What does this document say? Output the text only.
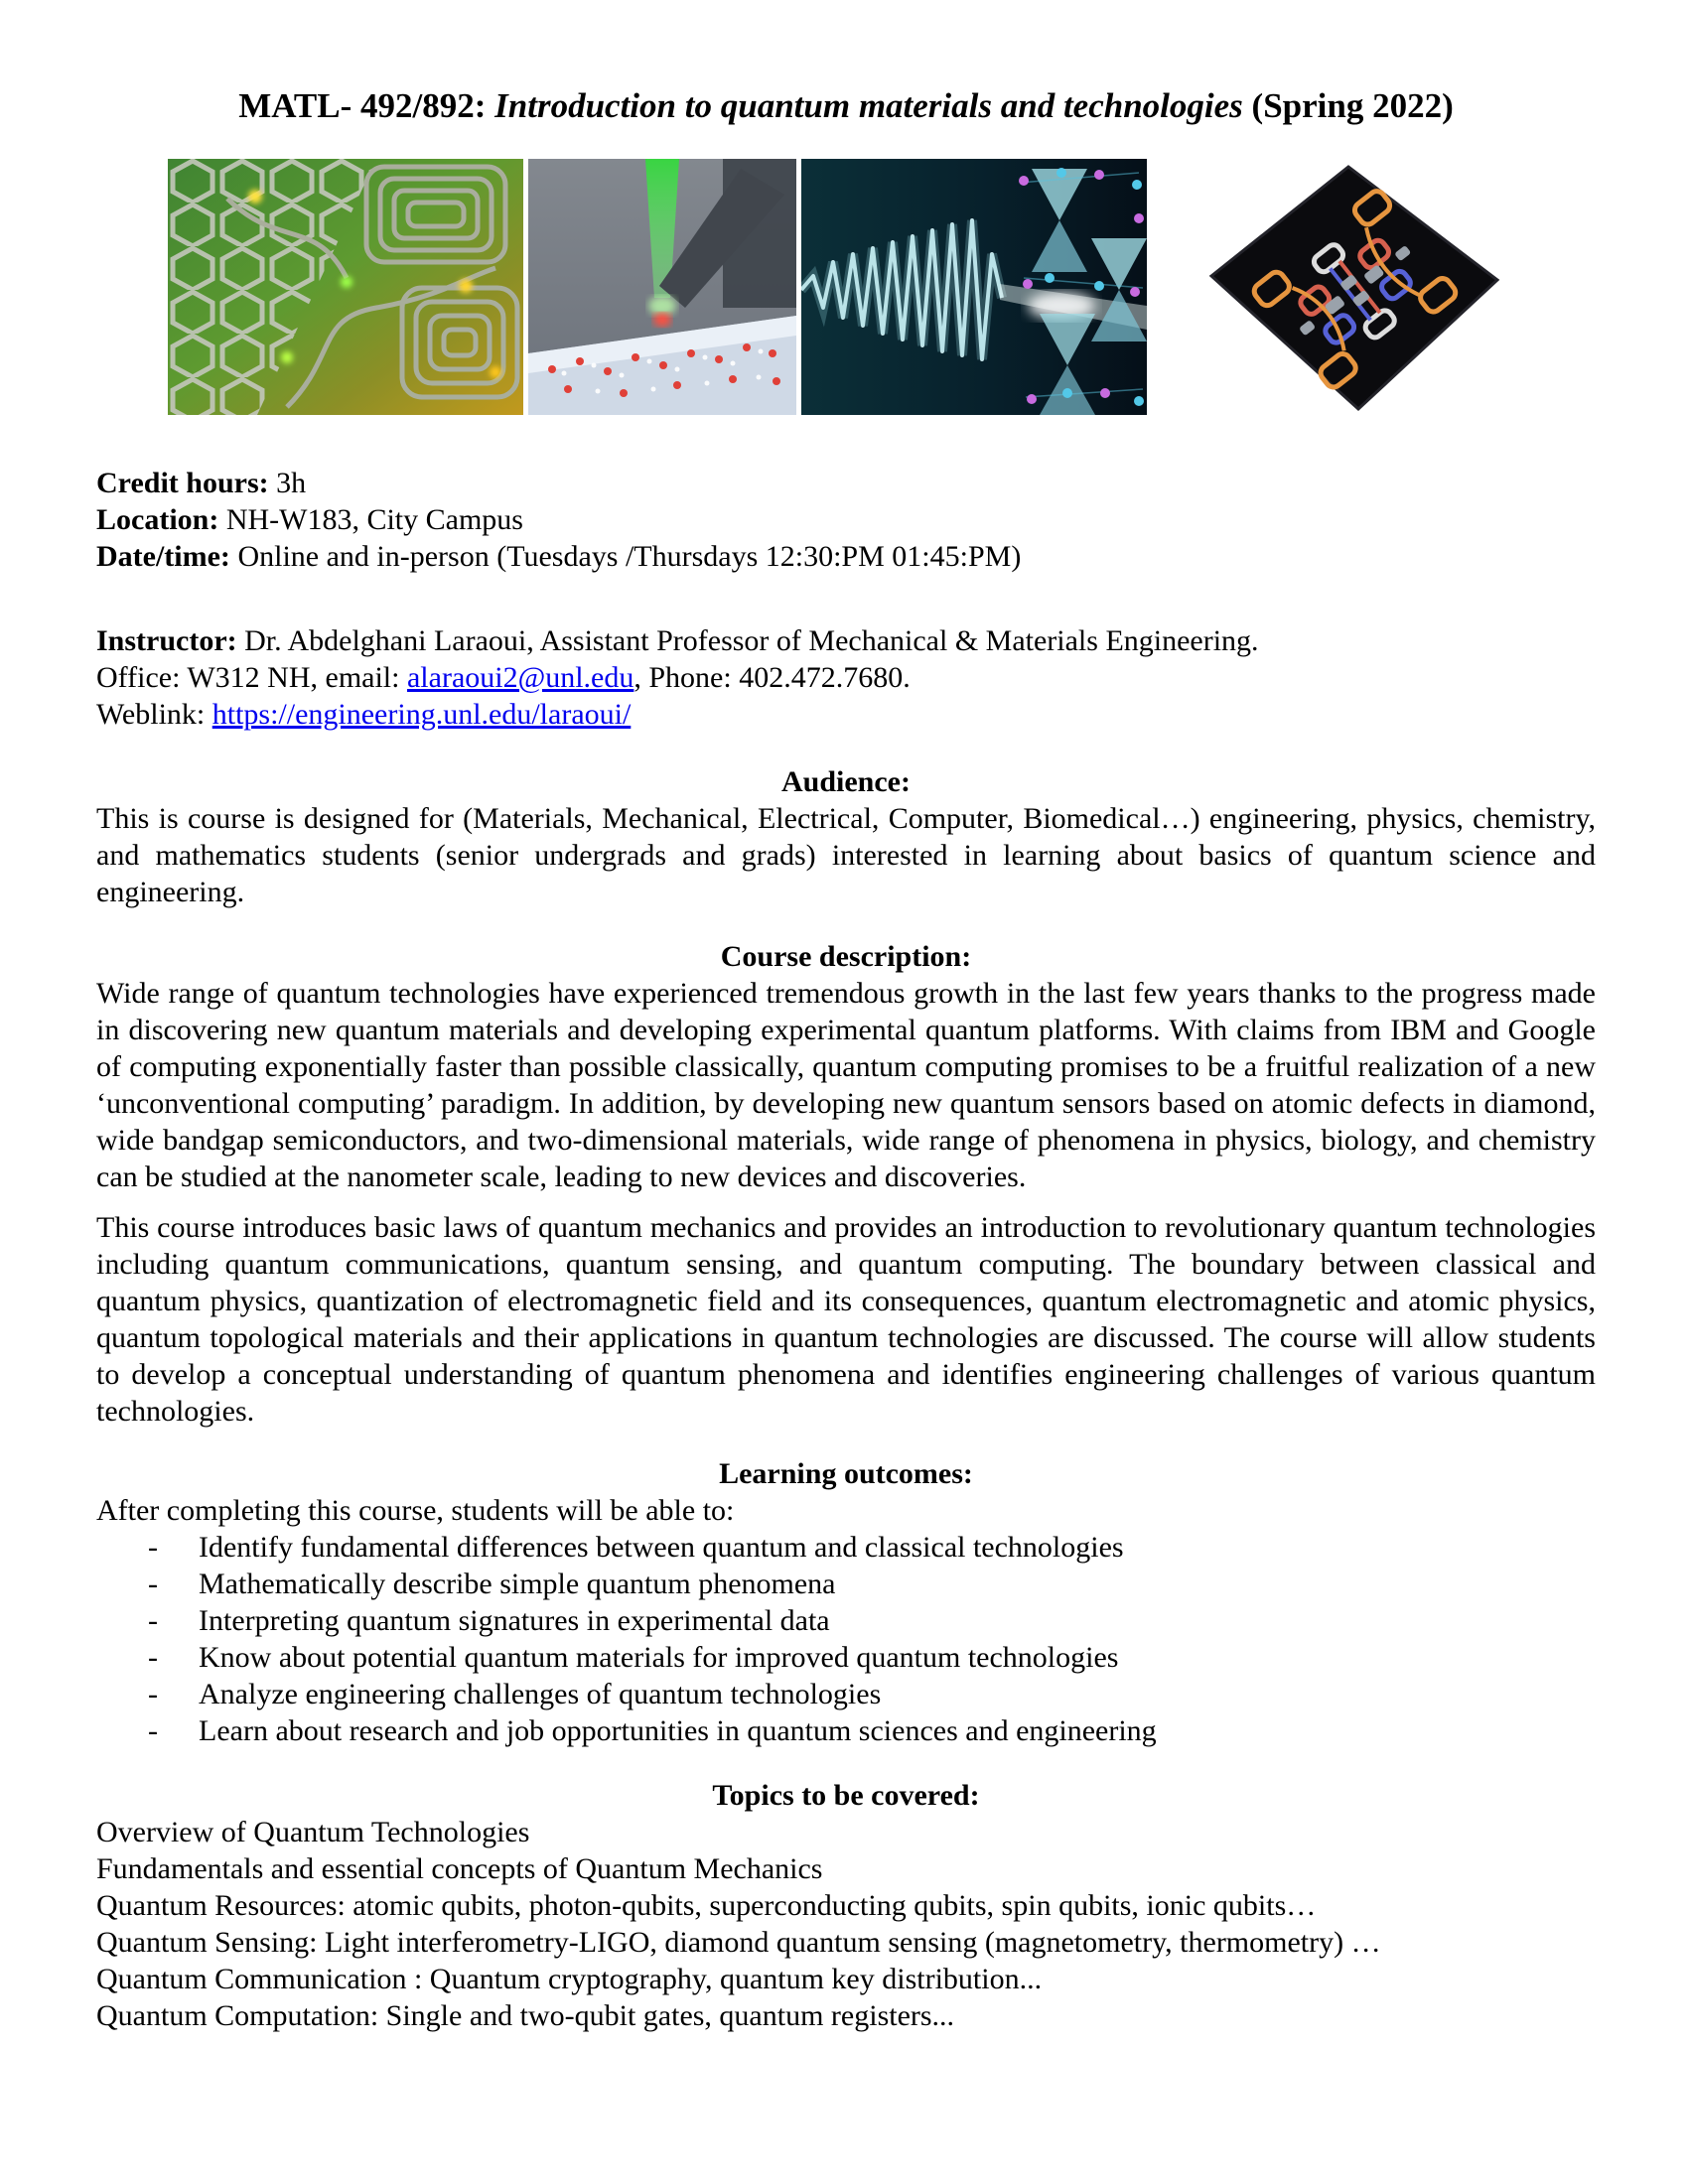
MATL- 492/892: Introduction to quantum materials and technologies (Spring 2022)
Credit hours: 3h
Location: NH-W183, City Campus
Date/time: Online and in-person (Tuesdays /Thursdays 12:30:PM 01:45:PM)
Instructor: Dr. Abdelghani Laraoui, Assistant Professor of Mechanical & Materials Engineering.
Office: W312 NH, email: alaraoui2@unl.edu, Phone: 402.472.7680.
Weblink: https://engineering.unl.edu/laraoui/
Audience:

This is course is designed for (Materials, Mechanical, Electrical, Computer, Biomedical…) engineering, physics, chemistry, and mathematics students (senior undergrads and grads) interested in learning about basics of quantum science and engineering.

Course description:

Wide range of quantum technologies have experienced tremendous growth in the last few years thanks to the progress made in discovering new quantum materials and developing experimental quantum platforms. With claims from IBM and Google of computing exponentially faster than possible classically, quantum computing promises to be a fruitful realization of a new ‘unconventional computing’ paradigm. In addition, by developing new quantum sensors based on atomic defects in diamond, wide bandgap semiconductors, and two-dimensional materials, wide range of phenomena in physics, biology, and chemistry can be studied at the nanometer scale, leading to new devices and discoveries.

This course introduces basic laws of quantum mechanics and provides an introduction to revolutionary quantum technologies including quantum communications, quantum sensing, and quantum computing. The boundary between classical and quantum physics, quantization of electromagnetic field and its consequences, quantum electromagnetic and atomic physics, quantum topological materials and their applications in quantum technologies are discussed. The course will allow students to develop a conceptual understanding of quantum phenomena and identifies engineering challenges of various quantum technologies.

Learning outcomes:

After completing this course, students will be able to:

-	Identify fundamental differences between quantum and classical technologies
-	Mathematically describe simple quantum phenomena
-	Interpreting quantum signatures in experimental data
-	Know about potential quantum materials for improved quantum technologies
-	Analyze engineering challenges of quantum technologies
-	Learn about research and job opportunities in quantum sciences and engineering
Topics to be covered:

Overview of Quantum Technologies

Fundamentals and essential concepts of Quantum Mechanics

Quantum Resources: atomic qubits, photon-qubits, superconducting qubits, spin qubits, ionic qubits…

Quantum Sensing: Light interferometry-LIGO, diamond quantum sensing (magnetometry, thermometry) …

Quantum Communication : Quantum cryptography, quantum key distribution...

Quantum Computation: Single and two-qubit gates, quantum registers...
